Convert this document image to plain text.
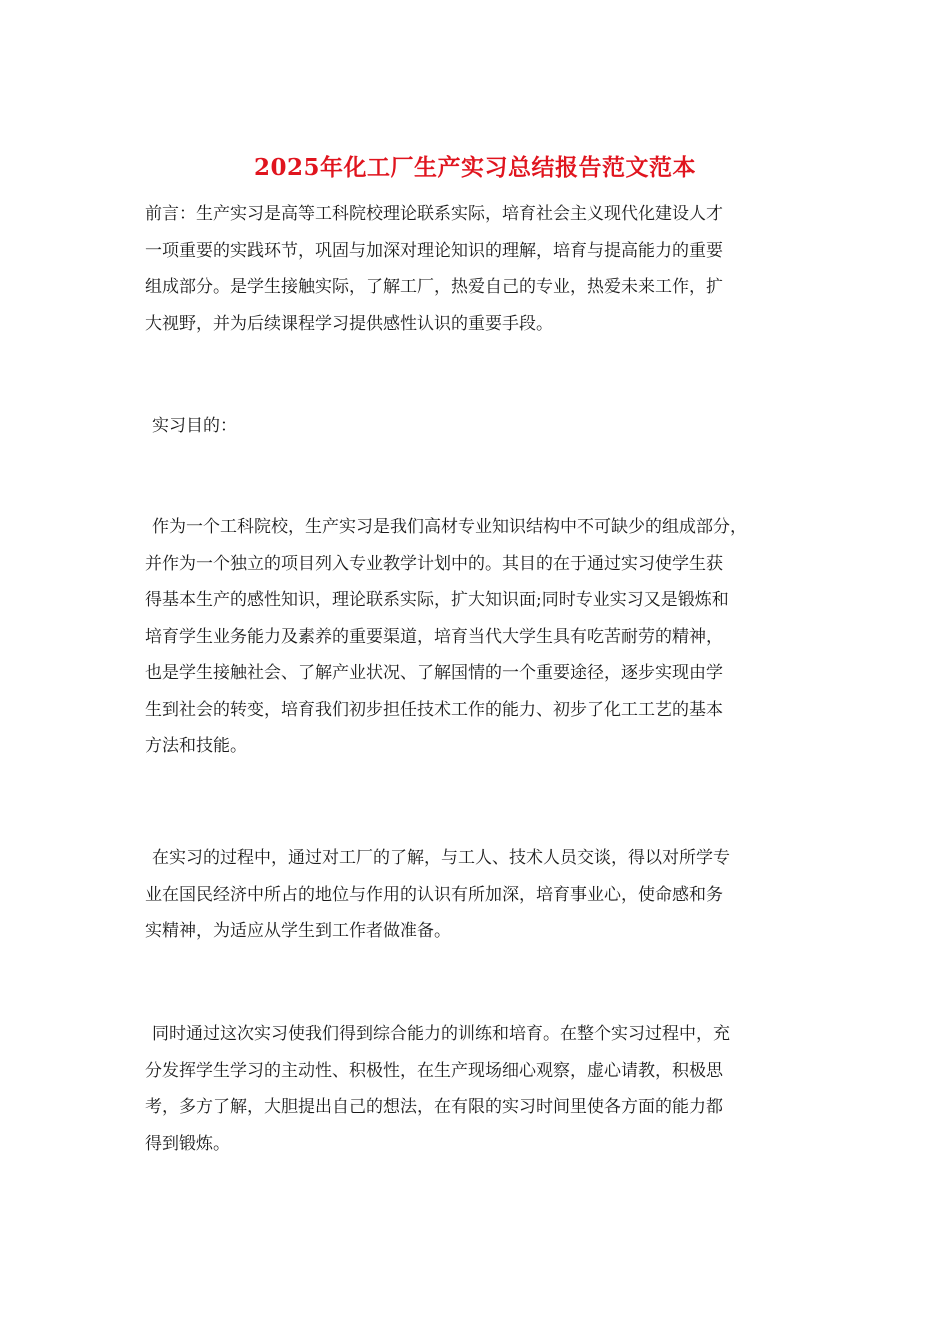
2025年化工厂生产实习总结报告范文范本

前言：生产实习是高等工科院校理论联系实际，培育社会主义现代化建设人才
一项重要的实践环节，巩固与加深对理论知识的理解，培育与提高能力的重要
组成部分。是学生接触实际，了解工厂，热爱自己的专业，热爱未来工作，扩
大视野，并为后续课程学习提供感性认识的重要手段。

实习目的：

作为一个工科院校，生产实习是我们高材专业知识结构中不可缺少的组成部分，
并作为一个独立的项目列入专业教学计划中的。其目的在于通过实习使学生获
得基本生产的感性知识，理论联系实际，扩大知识面;同时专业实习又是锻炼和
培育学生业务能力及素养的重要渠道，培育当代大学生具有吃苦耐劳的精神，
也是学生接触社会、了解产业状况、了解国情的一个重要途径，逐步实现由学
生到社会的转变，培育我们初步担任技术工作的能力、初步了化工工艺的基本
方法和技能。

在实习的过程中，通过对工厂的了解，与工人、技术人员交谈，得以对所学专
业在国民经济中所占的地位与作用的认识有所加深，培育事业心，使命感和务
实精神，为适应从学生到工作者做准备。

同时通过这次实习使我们得到综合能力的训练和培育。在整个实习过程中，充
分发挥学生学习的主动性、积极性，在生产现场细心观察，虚心请教，积极思
考，多方了解，大胆提出自己的想法，在有限的实习时间里使各方面的能力都
得到锻炼。
